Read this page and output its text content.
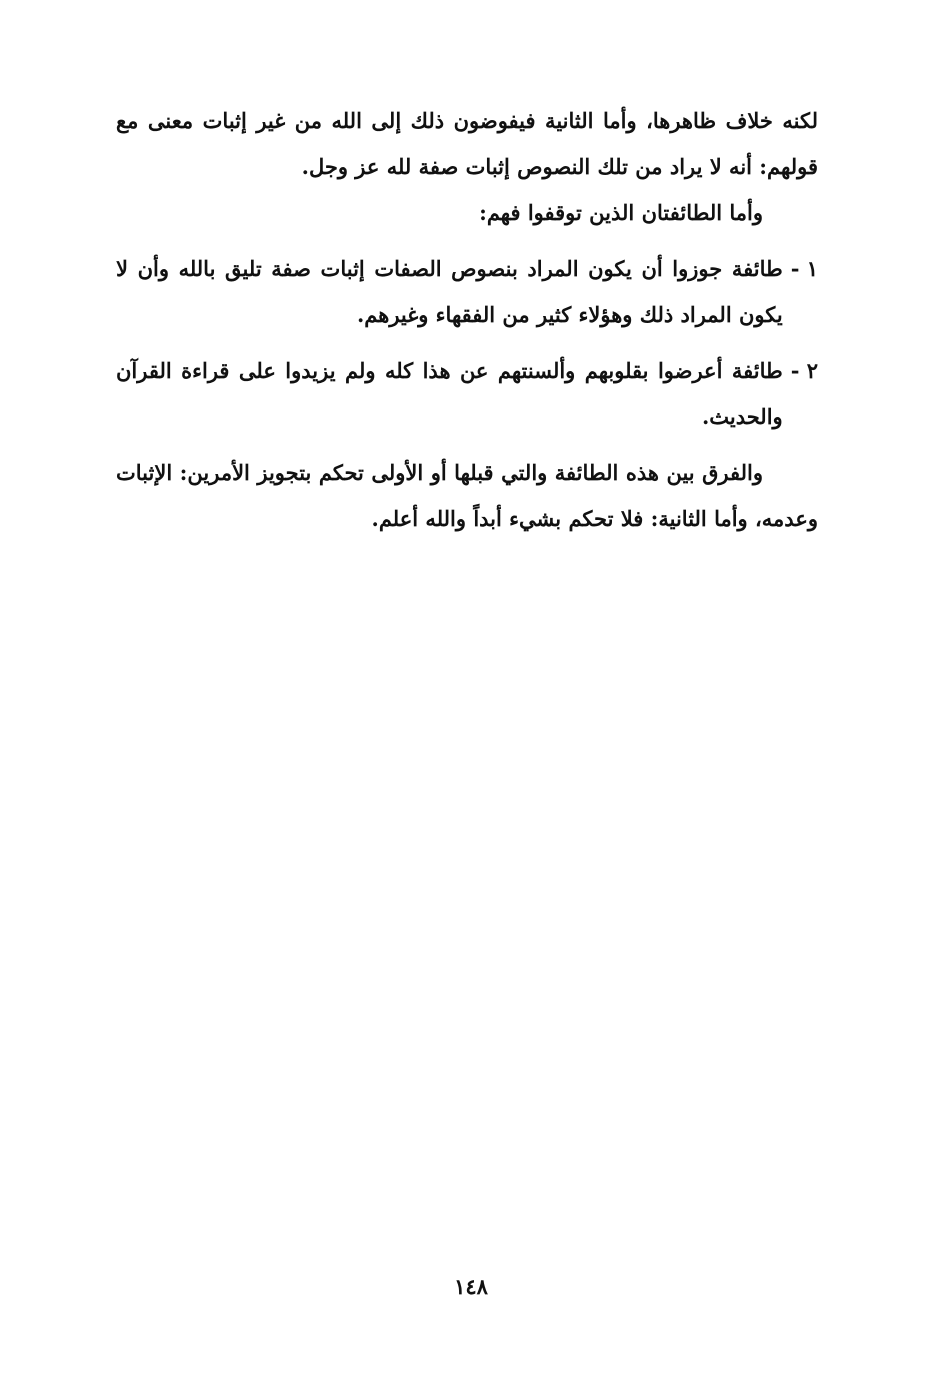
لكنه خلاف ظاهرها، وأما الثانية فيفوضون ذلك إلى الله من غير إثبات معنى مع قولهم: أنه لا يراد من تلك النصوص إثبات صفة لله عز وجل.

وأما الطائفتان الذين توقفوا فهم:

١ -
طائفة جوزوا أن يكون المراد بنصوص الصفات إثبات صفة تليق بالله وأن لا يكون المراد ذلك وهؤلاء كثير من الفقهاء وغيرهم.
٢ -
طائفة أعرضوا بقلوبهم وألسنتهم عن هذا كله ولم يزيدوا على قراءة القرآن والحديث.

والفرق بين هذه الطائفة والتي قبلها أو الأولى تحكم بتجويز الأمرين: الإثبات وعدمه، وأما الثانية: فلا تحكم بشيء أبداً والله أعلم.

١٤٨
